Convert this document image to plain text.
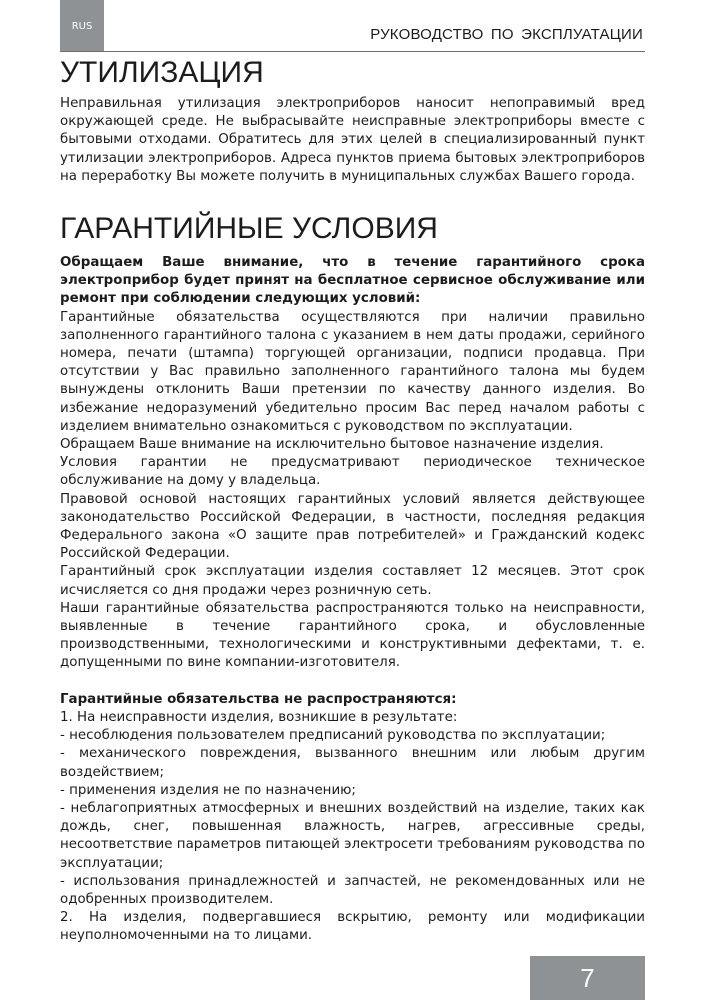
RUS	РУКОВОДСТВО ПО ЭКСПЛУАТАЦИИ
УТИЛИЗАЦИЯ

Неправильная утилизация электроприборов наносит непоправимый вред окружающей среде. Не выбрасывайте неисправные электроприборы вместе с бытовыми отходами. Обратитесь для этих целей в специализированный пункт утилизации электроприборов. Адреса пунктов приема бытовых электроприборов на переработку Вы можете получить в муниципальных службах Вашего города.

ГАРАНТИЙНЫЕ УСЛОВИЯ

Обращаем Ваше внимание, что в течение гарантийного срока электроприбор будет принят на бесплатное сервисное обслуживание или ремонт при соблюдении следующих условий:

Гарантийные обязательства осуществляются при наличии правильно заполненного гарантийного талона с указанием в нем даты продажи, серийного номера, печати (штампа) торгующей организации, подписи продавца. При отсутствии у Вас правильно заполненного гарантийного талона мы будем вынуждены отклонить Ваши претензии по качеству данного изделия. Во избежание недоразумений убедительно просим Вас перед началом работы с изделием внимательно ознакомиться с руководством по эксплуатации.

Обращаем Ваше внимание на исключительно бытовое назначение изделия.

Условия гарантии не предусматривают периодическое техническое обслуживание на дому у владельца.

Правовой основой настоящих гарантийных условий является действующее законодательство Российской Федерации, в частности, последняя редакция Федерального закона «О защите прав потребителей» и Гражданский кодекс Российской Федерации.

Гарантийный срок эксплуатации изделия составляет 12 месяцев. Этот срок исчисляется со дня продажи через розничную сеть.

Наши гарантийные обязательства распространяются только на неисправности, выявленные в течение гарантийного срока, и обусловленные производственными, технологическими и конструктивными дефектами, т. е. допущенными по вине компании-изготовителя.

Гарантийные обязательства не распространяются:

1. На неисправности изделия, возникшие в результате:

- несоблюдения пользователем предписаний руководства по эксплуатации;

- механического повреждения, вызванного внешним или любым другим воздействием;

- применения изделия не по назначению;

- неблагоприятных атмосферных и внешних воздействий на изделие, таких как дождь, снег, повышенная влажность, нагрев, агрессивные среды, несоответствие параметров питающей электросети требованиям руководства по эксплуатации;

- использования принадлежностей и запчастей, не рекомендованных или не одобренных производителем.

2. На изделия, подвергавшиеся вскрытию, ремонту или модификации неуполномоченными на то лицами.

7
